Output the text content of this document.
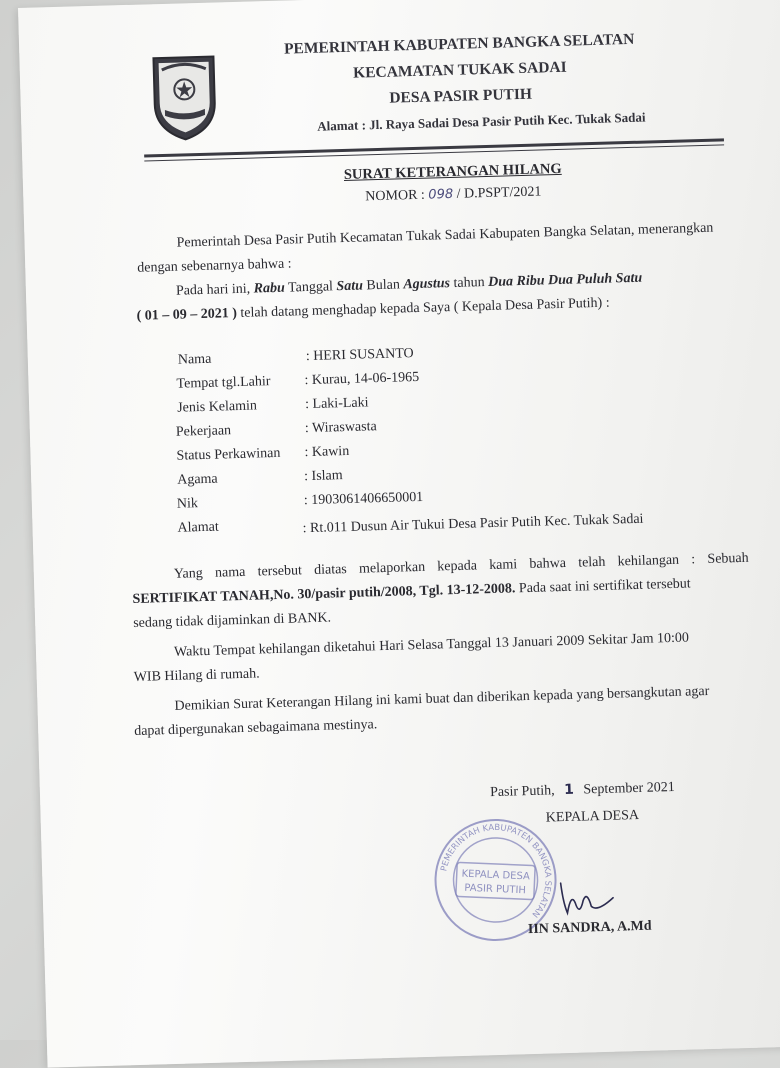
PEMERINTAH KABUPATEN BANGKA SELATAN
KECAMATAN TUKAK SADAI
DESA PASIR PUTIH
Alamat : Jl. Raya Sadai Desa Pasir Putih Kec. Tukak Sadai
SURAT KETERANGAN HILANG
NOMOR : 098 / D.PSPT/2021
Pemerintah Desa Pasir Putih Kecamatan Tukak Sadai Kabupaten Bangka Selatan, menerangkan
dengan sebenarnya bahwa :
Pada hari ini, Rabu Tanggal Satu Bulan Agustus tahun Dua Ribu Dua Puluh Satu
( 01 – 09 – 2021 ) telah datang menghadap kepada Saya ( Kepala Desa Pasir Putih) :
Nama	: HERI SUSANTO
Tempat tgl.Lahir : Kurau, 14-06-1965
Jenis Kelamin	: Laki-Laki
Pekerjaan	: Wiraswasta
Status Perkawinan : Kawin
Agama	: Islam
Nik	: 1903061406650001
Alamat	: Rt.011 Dusun Air Tukui Desa Pasir Putih Kec. Tukak Sadai
Yang nama tersebut diatas melaporkan kepada kami bahwa telah kehilangan : Sebuah
SERTIFIKAT TANAH,No. 30/pasir putih/2008, Tgl. 13-12-2008. Pada saat ini sertifikat tersebut
sedang tidak dijaminkan di BANK.
Waktu Tempat kehilangan diketahui Hari Selasa Tanggal 13 Januari 2009 Sekitar Jam 10:00
WIB Hilang di rumah.
Demikian Surat Keterangan Hilang ini kami buat dan diberikan kepada yang bersangkutan agar
dapat dipergunakan sebagaimana mestinya.
Pasir Putih, 1 September 2021
KEPALA DESA
PEMERINTAH KABUPATEN BANGKA SELATAN
KEPALA DESA
PASIR PUTIH
IIN SANDRA, A.Md
